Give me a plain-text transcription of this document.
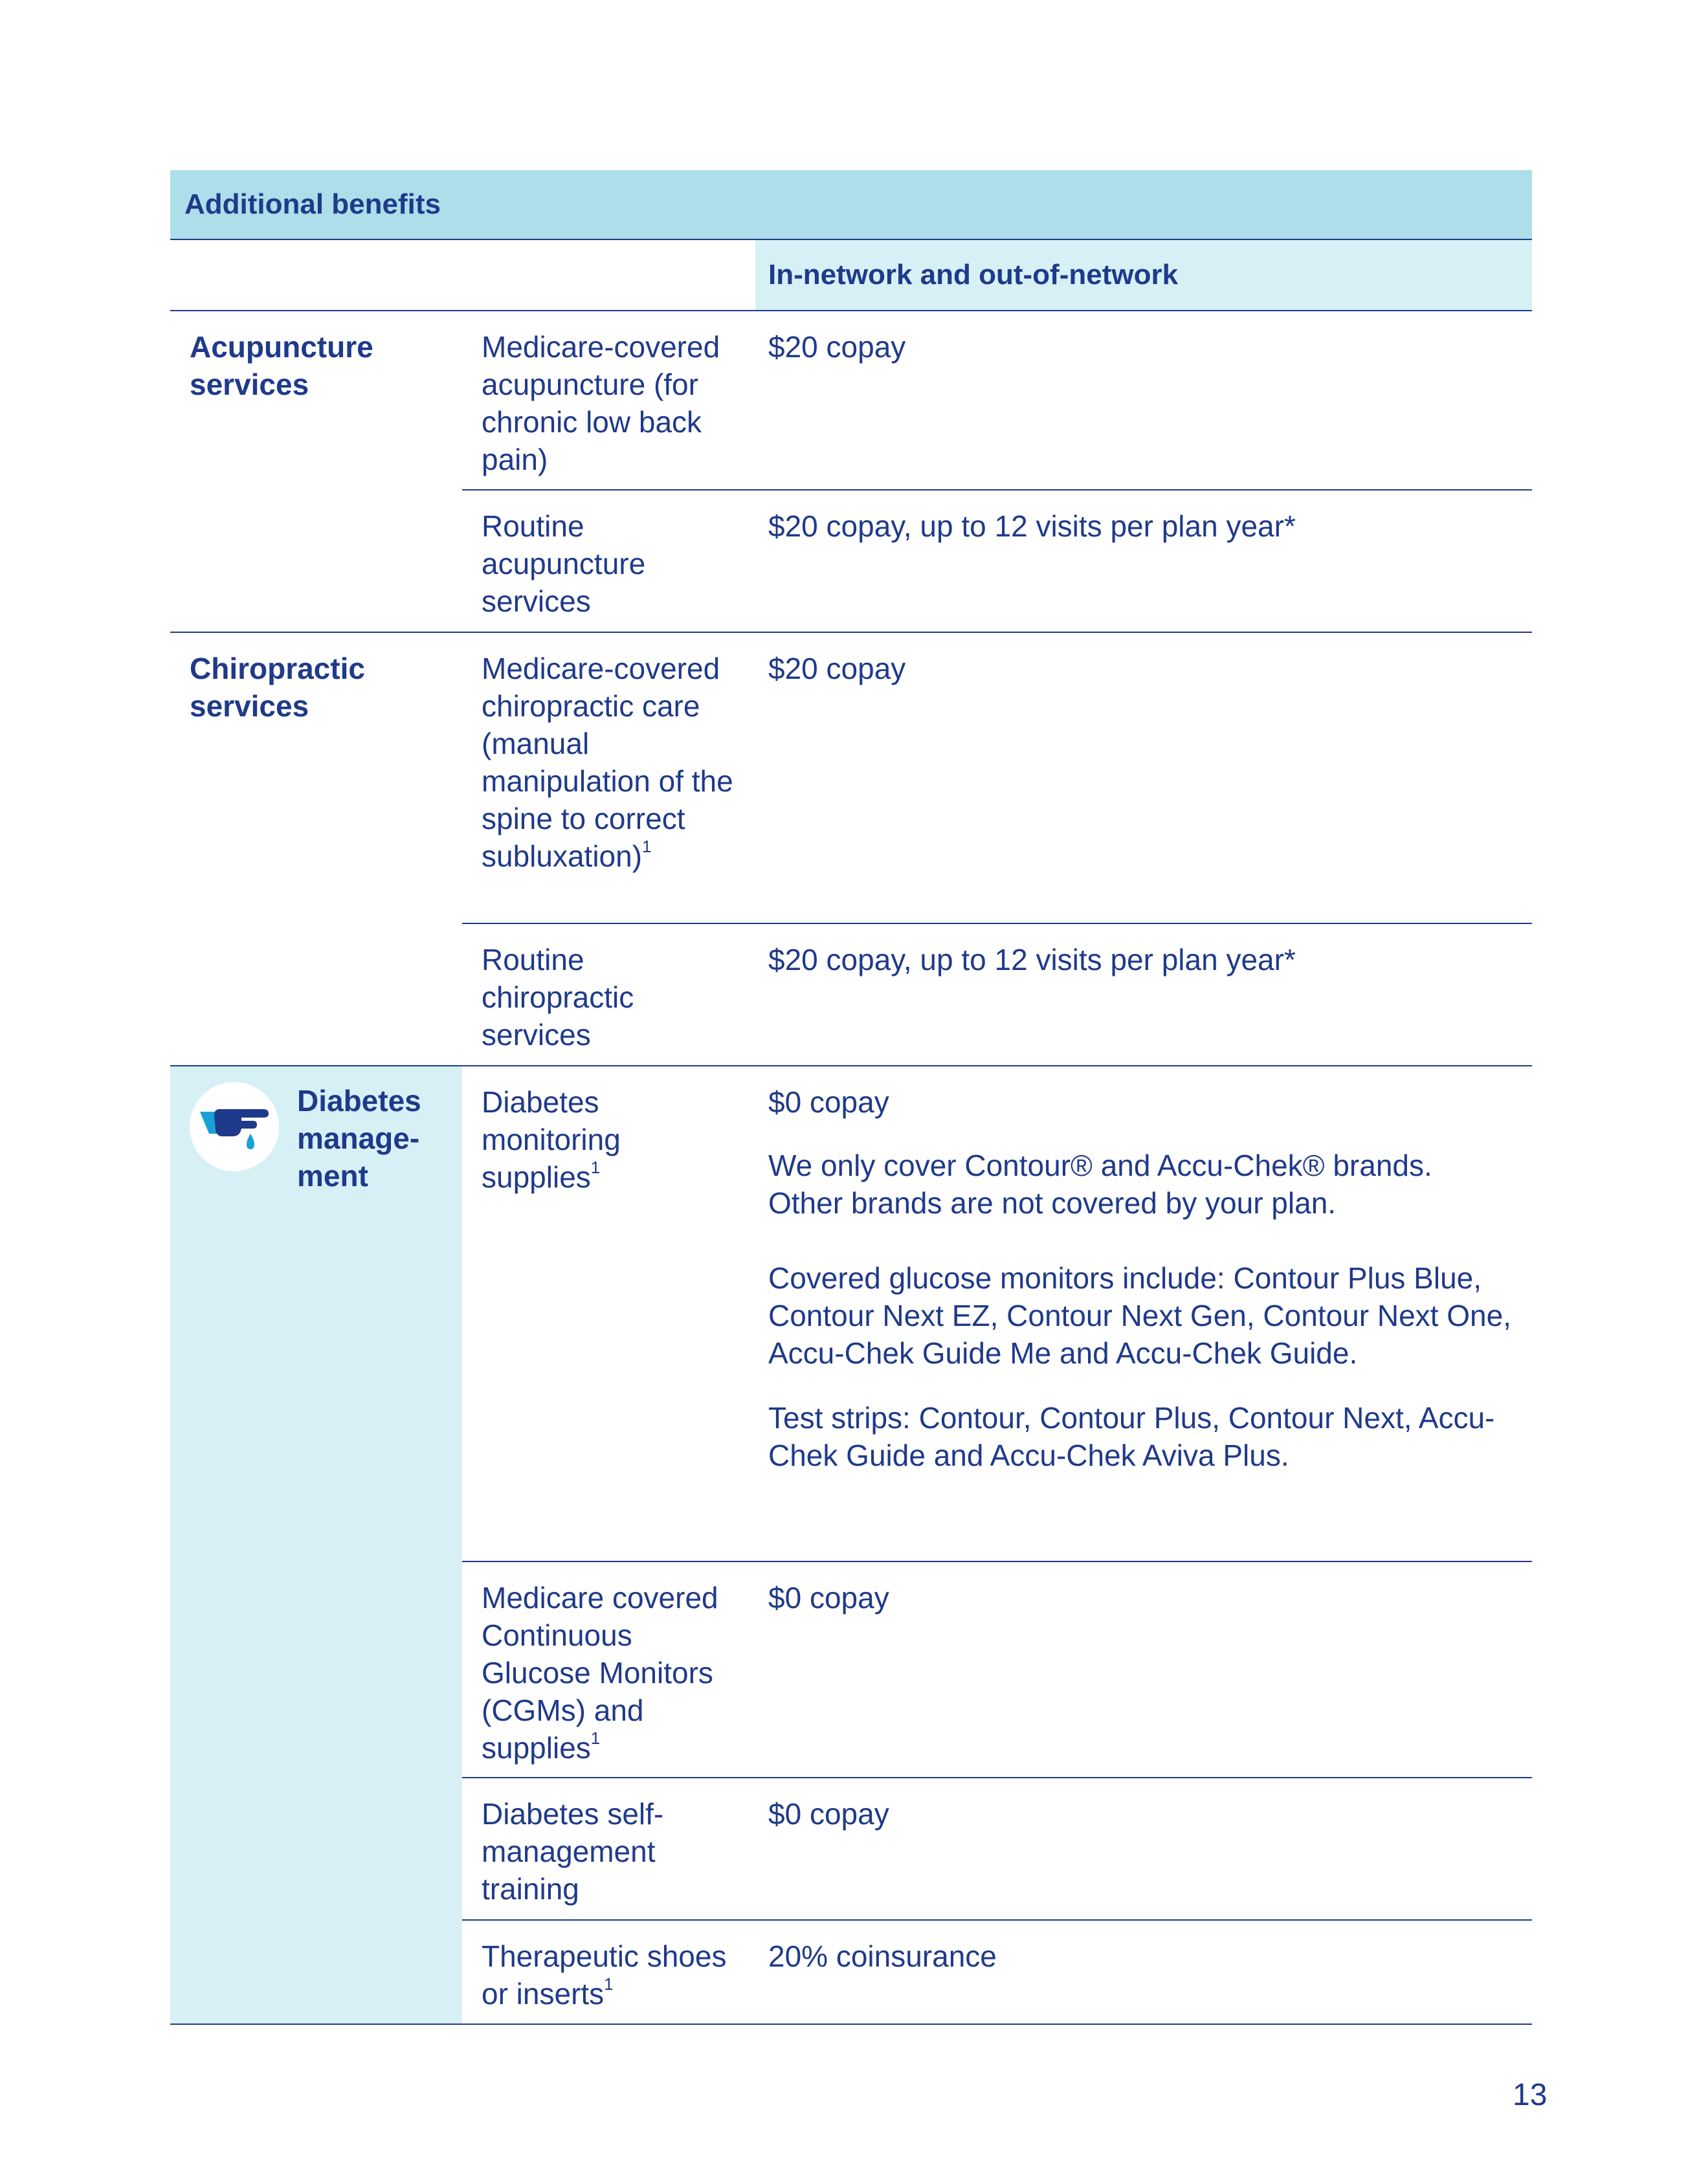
Additional benefits
In-network and out-of-network
Acupuncture services
Medicare-covered acupuncture (for chronic low back pain)
$20 copay
Routine acupuncture services
$20 copay, up to 12 visits per plan year*
Chiropractic services
Medicare-covered chiropractic care (manual manipulation of the spine to correct subluxation)$^1$
$20 copay
Routine chiropractic services
$20 copay, up to 12 visits per plan year*
Diabetes
manage-
ment
Diabetes monitoring supplies$^1$

$0 copay

We only cover Contour® and Accu-Chek® brands. Other brands are not covered by your plan.

Covered glucose monitors include: Contour Plus Blue, Contour Next EZ, Contour Next Gen, Contour Next One, Accu-Chek Guide Me and Accu-Chek Guide.

Test strips: Contour, Contour Plus, Contour Next, Accu-Chek Guide and Accu-Chek Aviva Plus.

Medicare covered Continuous Glucose Monitors (CGMs) and supplies$^1$
$0 copay
Diabetes self-management training
$0 copay
Therapeutic shoes or inserts$^1$
20% coinsurance
13
